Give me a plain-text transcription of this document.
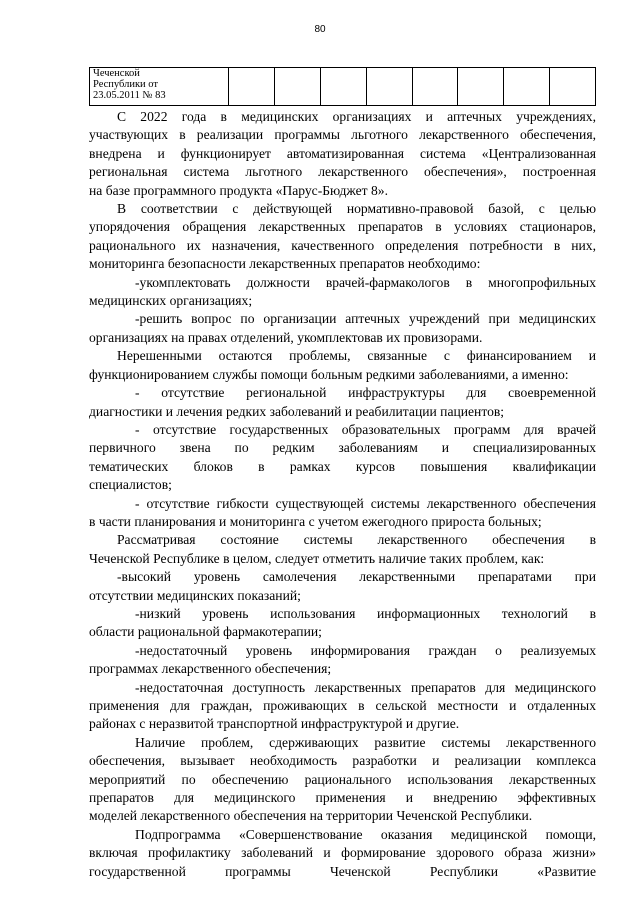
80
Чеченской
Республики от
23.05.2011 № 83

С 2022 года в медицинских организациях и аптечных учреждениях,
участвующих в реализации программы льготного лекарственного обеспечения,
внедрена и функционирует автоматизированная система «Централизованная
региональная система льготного лекарственного обеспечения», построенная
на базе программного продукта «Парус-Бюджет 8».
В соответствии с действующей нормативно-правовой базой, с целью
упорядочения обращения лекарственных препаратов в условиях стационаров,
рационального их назначения, качественного определения потребности в них,
мониторинга безопасности лекарственных препаратов необходимо:
-укомплектовать должности врачей-фармакологов в многопрофильных
медицинских организациях;
-решить вопрос по организации аптечных учреждений при медицинских
организациях на правах отделений, укомплектовав их провизорами.
Нерешенными остаются проблемы, связанные с финансированием и
функционированием службы помощи больным редкими заболеваниями, а именно:
- отсутствие региональной инфраструктуры для своевременной
диагностики и лечения редких заболеваний и реабилитации пациентов;
- отсутствие государственных образовательных программ для врачей
первичного звена по редким заболеваниям и специализированных
тематических блоков в рамках курсов повышения квалификации
специалистов;
- отсутствие гибкости существующей системы лекарственного обеспечения
в части планирования и мониторинга с учетом ежегодного прироста больных;
Рассматривая состояние системы лекарственного обеспечения в
Чеченской Республике в целом, следует отметить наличие таких проблем, как:
-высокий уровень самолечения лекарственными препаратами при
отсутствии медицинских показаний;
-низкий уровень использования информационных технологий в
области рациональной фармакотерапии;
-недостаточный уровень информирования граждан о реализуемых
программах лекарственного обеспечения;
-недостаточная доступность лекарственных препаратов для медицинского
применения для граждан, проживающих в сельской местности и отдаленных
районах с неразвитой транспортной инфраструктурой и другие.
Наличие проблем, сдерживающих развитие системы лекарственного
обеспечения, вызывает необходимость разработки и реализации комплекса
мероприятий по обеспечению рационального использования лекарственных
препаратов для медицинского применения и внедрению эффективных
моделей лекарственного обеспечения на территории Чеченской Республики.
Подпрограмма «Совершенствование оказания медицинской помощи,
включая профилактику заболеваний и формирование здорового образа жизни»
государственной программы Чеченской Республики «Развитие
